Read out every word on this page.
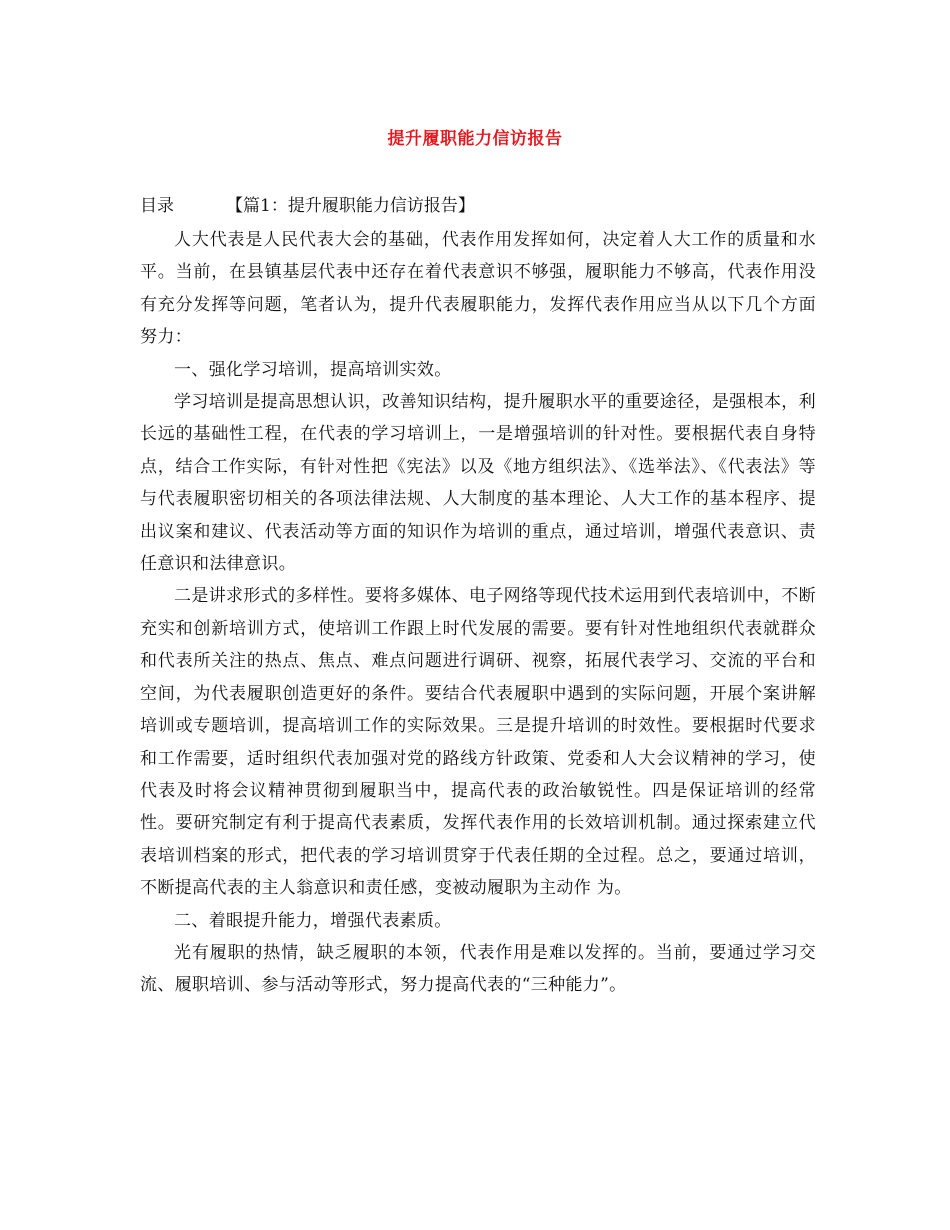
提升履职能力信访报告
目录	【篇1：提升履职能力信访报告】

人大代表是人民代表大会的基础，代表作用发挥如何，决定着人大工作的质量和水平。当前，在县镇基层代表中还存在着代表意识不够强，履职能力不够高，代表作用没有充分发挥等问题，笔者认为，提升代表履职能力，发挥代表作用应当从以下几个方面努力：

一、强化学习培训，提高培训实效。

学习培训是提高思想认识，改善知识结构，提升履职水平的重要途径，是强根本，利长远的基础性工程，在代表的学习培训上，一是增强培训的针对性。要根据代表自身特点，结合工作实际，有针对性把《宪法》以及《地方组织法》、《选举法》、《代表法》等与代表履职密切相关的各项法律法规、人大制度的基本理论、人大工作的基本程序、提出议案和建议、代表活动等方面的知识作为培训的重点，通过培训，增强代表意识、责任意识和法律意识。

二是讲求形式的多样性。要将多媒体、电子网络等现代技术运用到代表培训中，不断充实和创新培训方式，使培训工作跟上时代发展的需要。要有针对性地组织代表就群众和代表所关注的热点、焦点、难点问题进行调研、视察，拓展代表学习、交流的平台和空间，为代表履职创造更好的条件。要结合代表履职中遇到的实际问题，开展个案讲解培训或专题培训，提高培训工作的实际效果。三是提升培训的时效性。要根据时代要求和工作需要，适时组织代表加强对党的路线方针政策、党委和人大会议精神的学习，使代表及时将会议精神贯彻到履职当中，提高代表的政治敏锐性。四是保证培训的经常性。要研究制定有利于提高代表素质，发挥代表作用的长效培训机制。通过探索建立代表培训档案的形式，把代表的学习培训贯穿于代表任期的全过程。总之，要通过培训，不断提高代表的主人翁意识和责任感，变被动履职为主动作 为。

二、着眼提升能力，增强代表素质。

光有履职的热情，缺乏履职的本领，代表作用是难以发挥的。当前，要通过学习交流、履职培训、参与活动等形式，努力提高代表的“三种能力”。
